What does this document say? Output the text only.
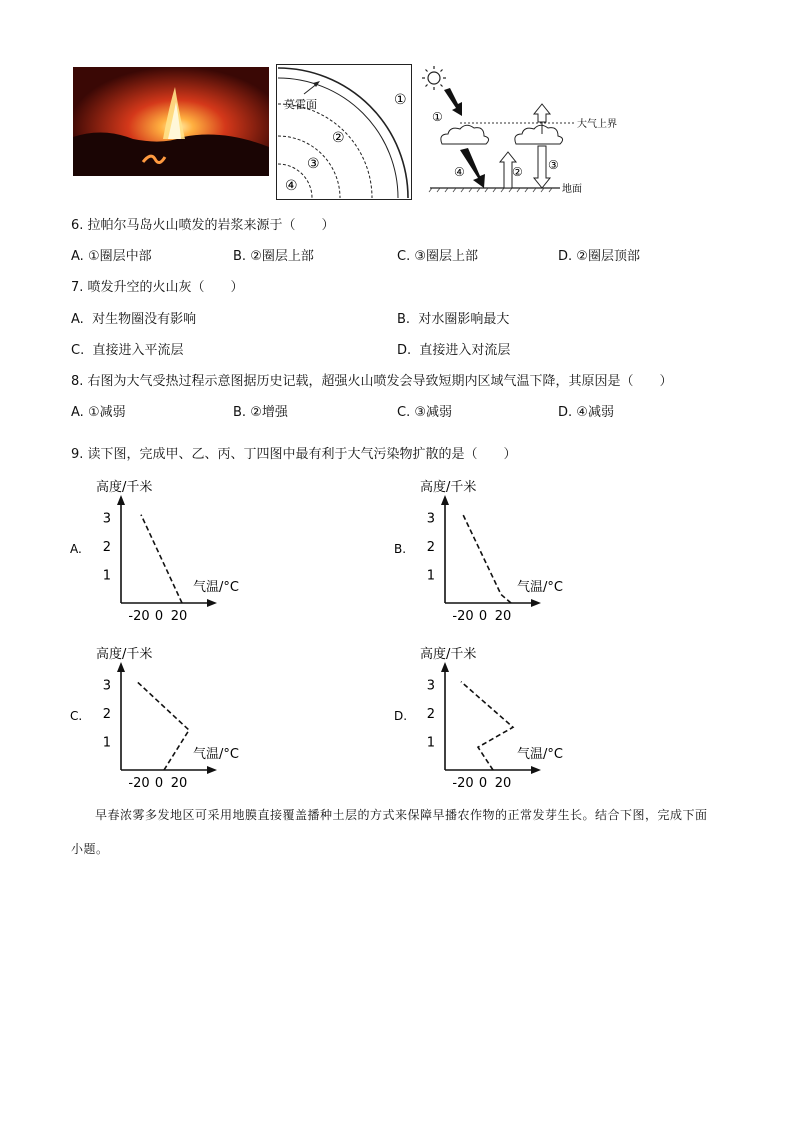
莫霍面	①
②
③
④
大气上界
地面
①
④	② ③
6. 拉帕尔马岛火山喷发的岩浆来源于（　　）
A. ①圈层中部	B. ②圈层上部	C. ③圈层上部	D. ②圈层顶部
7. 喷发升空的火山灰（　　）
A. 对生物圈没有影响	B. 对水圈影响最大
C. 直接进入平流层	D. 直接进入对流层
8. 右图为大气受热过程示意图据历史记载，超强火山喷发会导致短期内区域气温下降，其原因是（　　）
A. ①减弱	B. ②增强	C. ③减弱	D. ④减弱
9. 读下图，完成甲、乙、丙、丁四图中最有利于大气污染物扩散的是（　　）
A.
高度/千米
气温/°C
1
2
3
-20 0 20
B.
高度/千米
气温/°C
1
2
3
-20 0 20
C.
高度/千米
气温/°C
1
2
3
-20 0 20
D.
高度/千米
气温/°C
1
2
3
-20 0 20
早春浓雾多发地区可采用地膜直接覆盖播种土层的方式来保障早播农作物的正常发芽生长。结合下图，完成下面小题。
